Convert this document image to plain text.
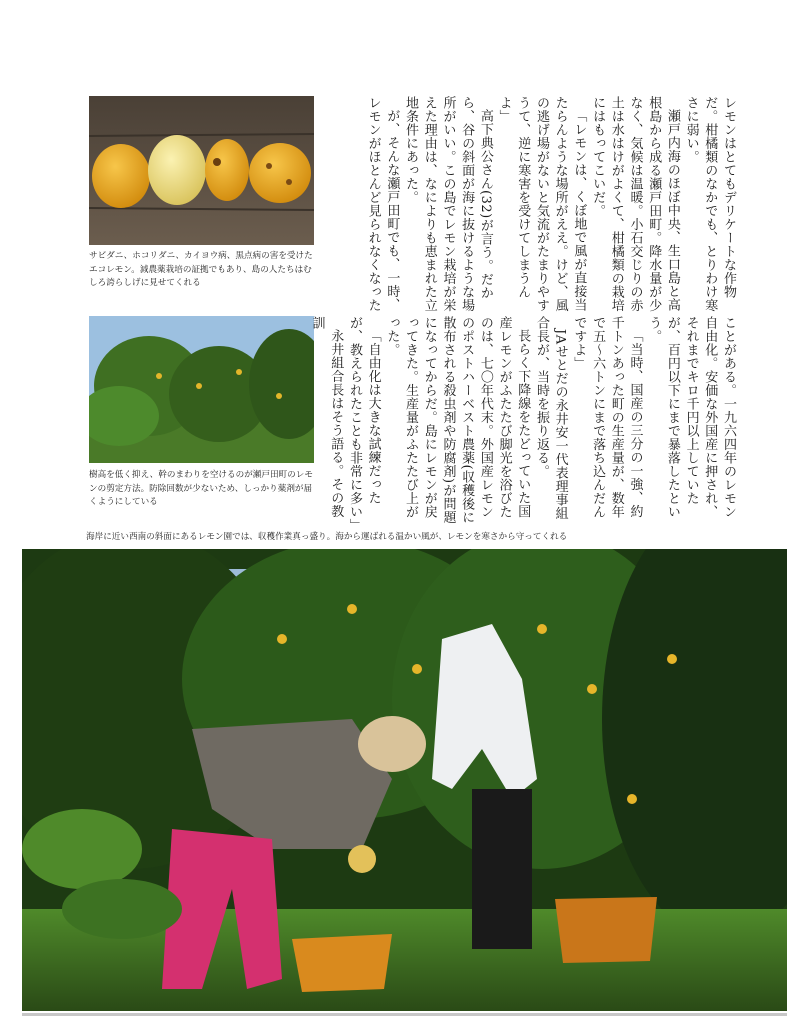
サビダニ、ホコリダニ、カイヨウ病、黒点病の害を受けたエコレモン。減農薬栽培の証拠でもあり、島の人たちはむしろ誇らしげに見せてくれる

樹高を低く抑え、幹のまわりを空けるのが瀬戸田町のレモンの剪定方法。防除回数が少ないため、しっかり薬剤が届くようにしている

レモンはとてもデリケートな作物だ。柑橘類のなかでも、とりわけ寒さに弱い。

瀬戸内海のほぼ中央、生口島と高根島から成る瀬戸田町。降水量が少なく、気候は温暖。小石交じりの赤土は水はけがよくて、柑橘類の栽培にはもってこいだ。

「レモンは、くぼ地で風が直接当たらんような場所がええ。けど、風の逃げ場がないと気流がたまりやすうて、逆に寒害を受けてしまうんよ」

高下典公さん(32)が言う。だから、谷の斜面が海に抜けるような場所がいい。この島でレモン栽培が栄えた理由は、なによりも恵まれた立地条件にあった。

が、そんな瀬戸田町でも、一時、レモンがほとんど見られなくなった

ことがある。一九六四年のレモン自由化。安価な外国産に押され、それまでキロ千円以上していたが、百円以下にまで暴落したという。

「当時、国産の三分の一強、約千トンあった町の生産量が、数年で五〜六トンにまで落ち込んだんですよ」

JAせとだの永井安一代表理事組合長が、当時を振り返る。

長らく下降線をたどっていた国産レモンがふたたび脚光を浴びたのは、七〇年代末。外国産レモンのポストハーベスト農薬(収穫後に散布される殺虫剤や防腐剤)が問題になってからだ。島にレモンが戻ってきた。生産量がふたたび上がった。

「自由化は大きな試練だったが、教えられたことも非常に多い」

永井組合長はそう語る。その教訓

海岸に近い西南の斜面にあるレモン園では、収穫作業真っ盛り。海から運ばれる温かい風が、レモンを寒さから守ってくれる
